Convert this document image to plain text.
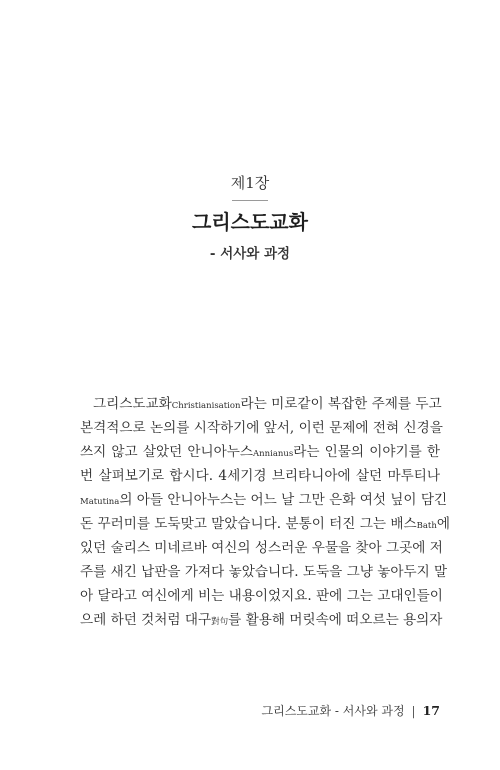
제1장
그리스도교화
- 서사와 과정
그리스도교화Christianisation라는 미로같이 복잡한 주제를 두고
본격적으로 논의를 시작하기에 앞서, 이런 문제에 전혀 신경을
쓰지 않고 살았던 안니아누스Annianus라는 인물의 이야기를 한
번 살펴보기로 합시다. 4세기경 브리타니아에 살던 마투티나
Matutina의 아들 안니아누스는 어느 날 그만 은화 여섯 닢이 담긴
돈 꾸러미를 도둑맞고 말았습니다. 분통이 터진 그는 배스Bath에
있던 술리스 미네르바 여신의 성스러운 우물을 찾아 그곳에 저
주를 새긴 납판을 가져다 놓았습니다. 도둑을 그냥 놓아두지 말
아 달라고 여신에게 비는 내용이었지요. 판에 그는 고대인들이
으레 하던 것처럼 대구對句를 활용해 머릿속에 떠오르는 용의자
그리스도교화 - 서사와 과정 | 17
